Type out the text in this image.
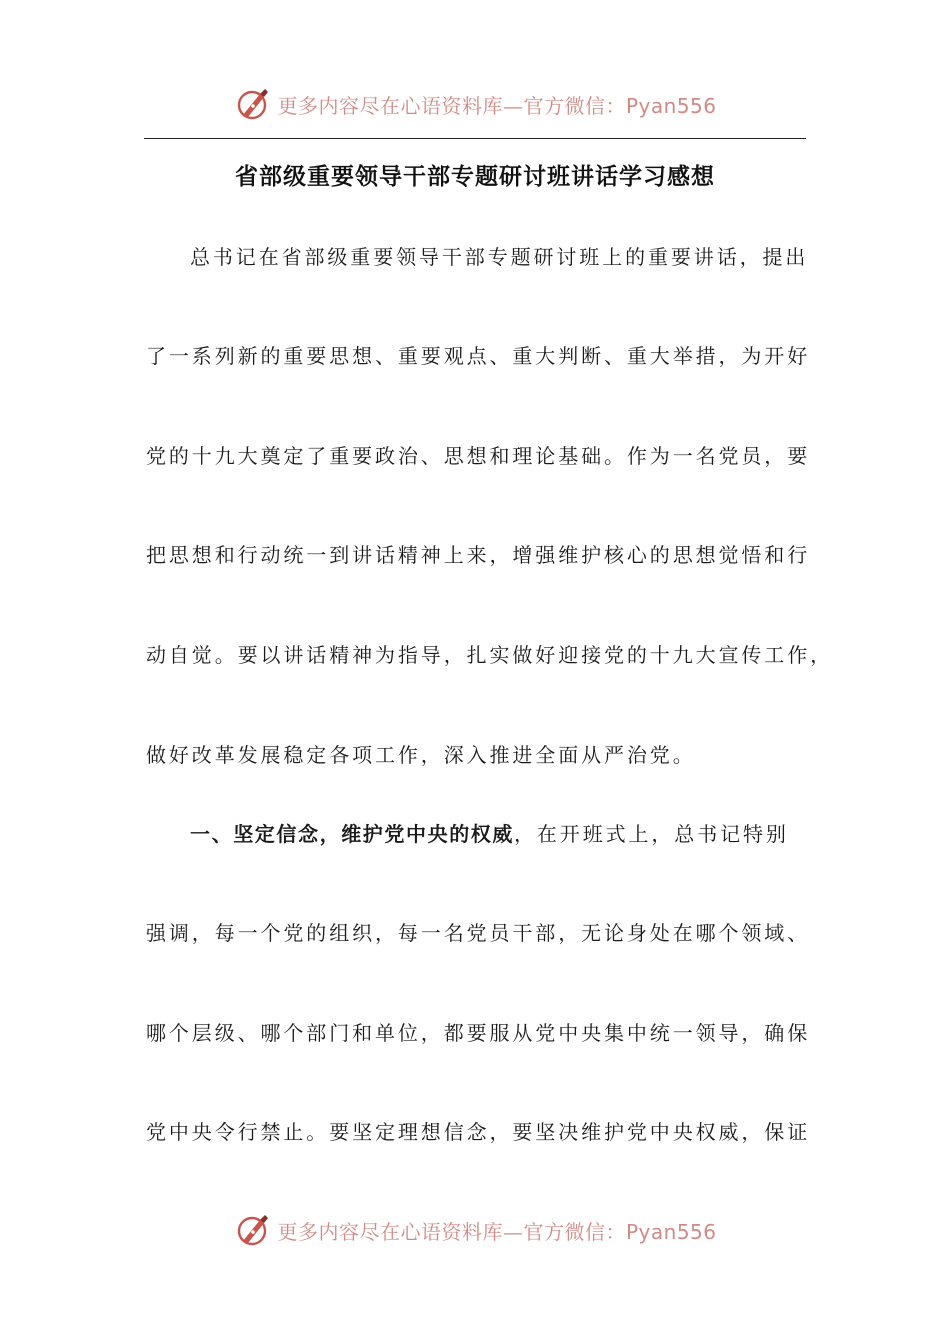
更多内容尽在心语资料库—官方微信：Pyan556
省部级重要领导干部专题研讨班讲话学习感想
总书记在省部级重要领导干部专题研讨班上的重要讲话，提出
了一系列新的重要思想、重要观点、重大判断、重大举措，为开好
党的十九大奠定了重要政治、思想和理论基础。作为一名党员，要
把思想和行动统一到讲话精神上来，增强维护核心的思想觉悟和行
动自觉。要以讲话精神为指导，扎实做好迎接党的十九大宣传工作，
做好改革发展稳定各项工作，深入推进全面从严治党。
一、坚定信念，维护党中央的权威，在开班式上，总书记特别
强调，每一个党的组织，每一名党员干部，无论身处在哪个领域、
哪个层级、哪个部门和单位，都要服从党中央集中统一领导，确保
党中央令行禁止。要坚定理想信念，要坚决维护党中央权威，保证
更多内容尽在心语资料库—官方微信：Pyan556
